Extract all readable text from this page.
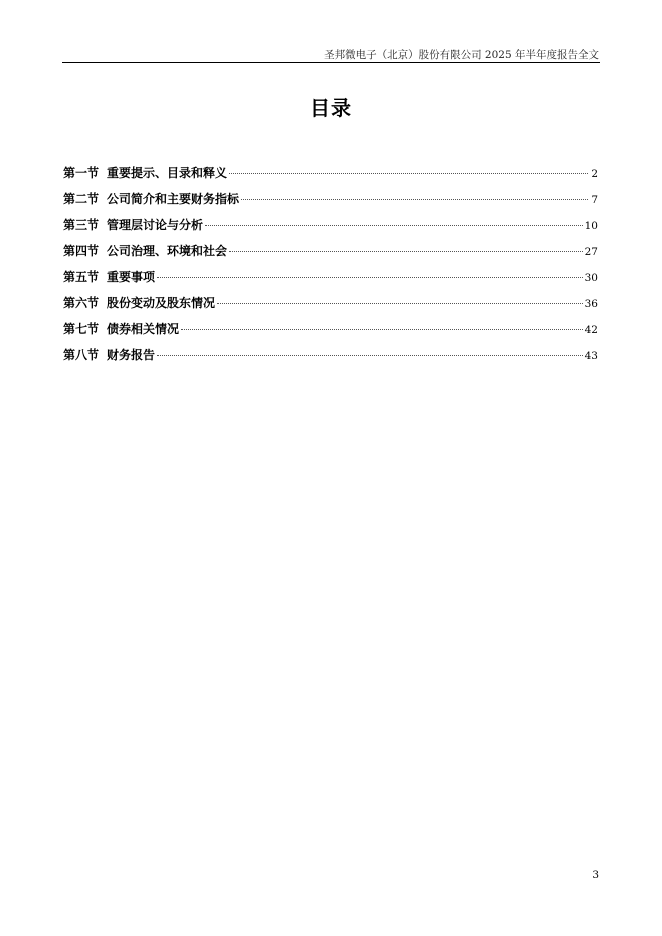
圣邦微电子（北京）股份有限公司 2025 年半年度报告全文
目录
第一节 重要提示、目录和释义	2
第二节 公司简介和主要财务指标	7
第三节 管理层讨论与分析	10
第四节 公司治理、环境和社会	27
第五节 重要事项	30
第六节 股份变动及股东情况	36
第七节 债券相关情况	42
第八节 财务报告	43
3
